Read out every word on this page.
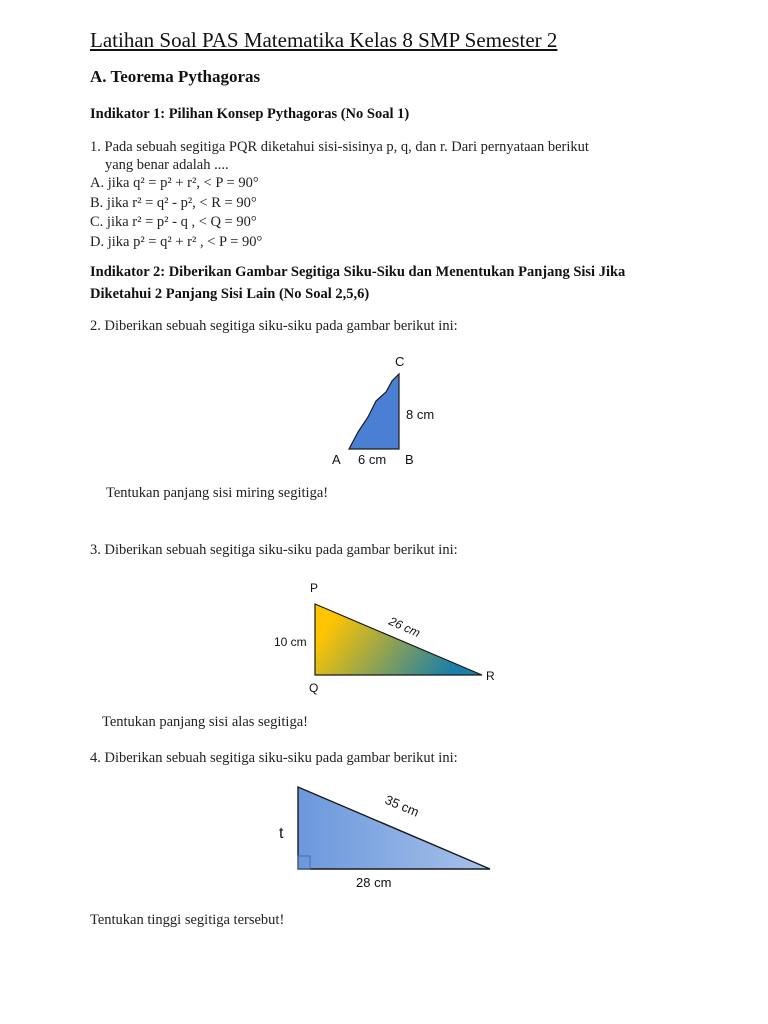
Latihan Soal PAS Matematika Kelas 8 SMP Semester 2
A. Teorema Pythagoras
Indikator 1: Pilihan Konsep Pythagoras (No Soal 1)
1. Pada sebuah segitiga PQR diketahui sisi-sisinya p, q, dan r. Dari pernyataan berikut
yang benar adalah ....
A. jika q² = p² + r², < P = 90°
B. jika r² = q² - p², < R = 90°
C. jika r² = p² - q , < Q = 90°
D. jika p² = q² + r² , < P = 90°
Indikator 2: Diberikan Gambar Segitiga Siku-Siku dan Menentukan Panjang Sisi Jika
Diketahui 2 Panjang Sisi Lain (No Soal 2,5,6)
2. Diberikan sebuah segitiga siku-siku pada gambar berikut ini:
C
8 cm
A 6 cm B
Tentukan panjang sisi miring segitiga!
3. Diberikan sebuah segitiga siku-siku pada gambar berikut ini:
P
26 cm
10 cm
Q
R
Tentukan panjang sisi alas segitiga!
4. Diberikan sebuah segitiga siku-siku pada gambar berikut ini:
t
35 cm
28 cm
Tentukan tinggi segitiga tersebut!
